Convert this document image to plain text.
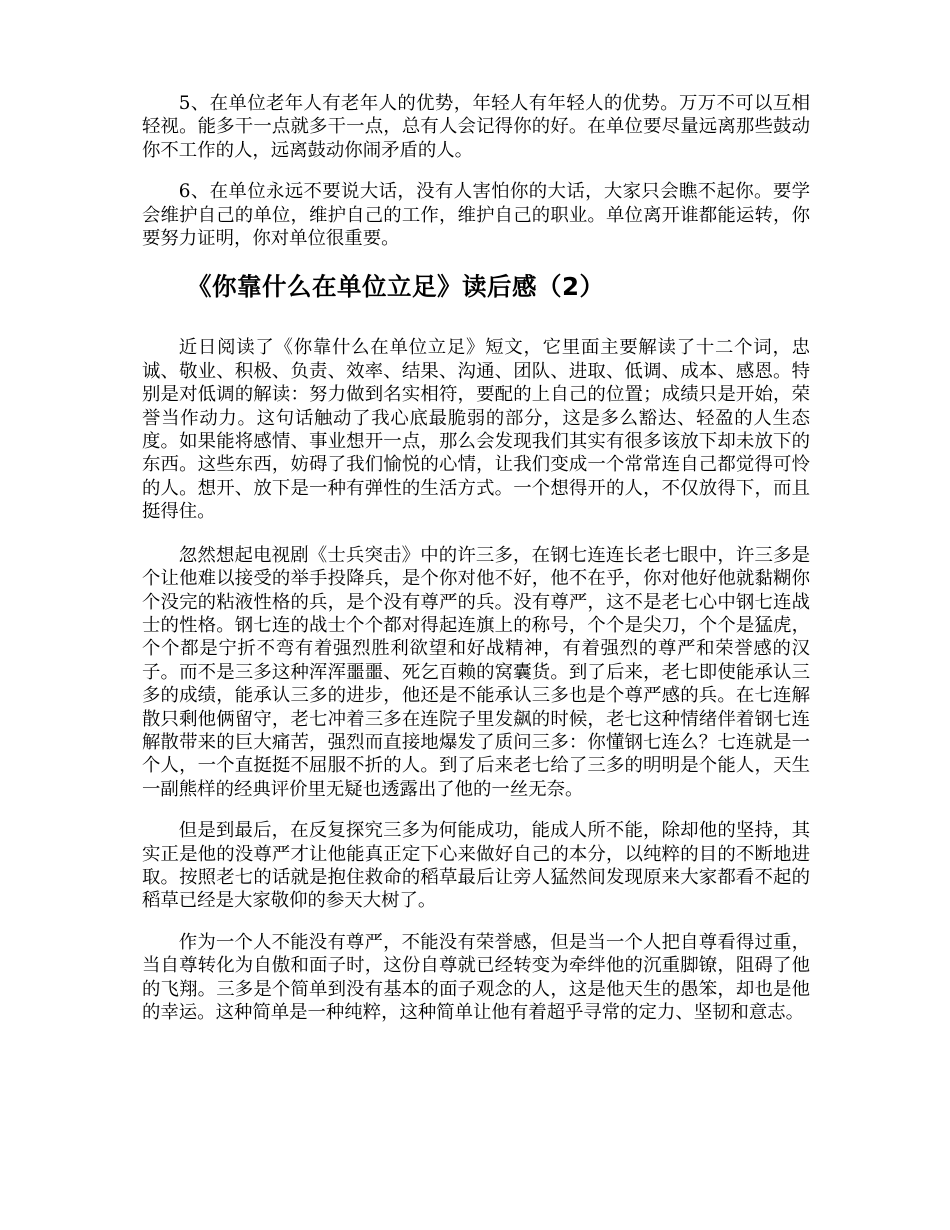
5、在单位老年人有老年人的优势，年轻人有年轻人的优势。万万不可以互相轻视。能多干一点就多干一点，总有人会记得你的好。在单位要尽量远离那些鼓动你不工作的人，远离鼓动你闹矛盾的人。

6、在单位永远不要说大话，没有人害怕你的大话，大家只会瞧不起你。要学会维护自己的单位，维护自己的工作，维护自己的职业。单位离开谁都能运转，你要努力证明，你对单位很重要。

《你靠什么在单位立足》读后感（2）

近日阅读了《你靠什么在单位立足》短文，它里面主要解读了十二个词，忠诚、敬业、积极、负责、效率、结果、沟通、团队、进取、低调、成本、感恩。特别是对低调的解读：努力做到名实相符，要配的上自己的位置；成绩只是开始，荣誉当作动力。这句话触动了我心底最脆弱的部分，这是多么豁达、轻盈的人生态度。如果能将感情、事业想开一点，那么会发现我们其实有很多该放下却未放下的东西。这些东西，妨碍了我们愉悦的心情，让我们变成一个常常连自己都觉得可怜的人。想开、放下是一种有弹性的生活方式。一个想得开的人，不仅放得下，而且挺得住。

忽然想起电视剧《士兵突击》中的许三多，在钢七连连长老七眼中，许三多是个让他难以接受的举手投降兵，是个你对他不好，他不在乎，你对他好他就黏糊你个没完的粘液性格的兵，是个没有尊严的兵。没有尊严，这不是老七心中钢七连战士的性格。钢七连的战士个个都对得起连旗上的称号，个个是尖刀，个个是猛虎，个个都是宁折不弯有着强烈胜利欲望和好战精神，有着强烈的尊严和荣誉感的汉子。而不是三多这种浑浑噩噩、死乞百赖的窝囊货。到了后来，老七即使能承认三多的成绩，能承认三多的进步，他还是不能承认三多也是个尊严感的兵。在七连解散只剩他俩留守，老七冲着三多在连院子里发飙的时候，老七这种情绪伴着钢七连解散带来的巨大痛苦，强烈而直接地爆发了质问三多：你懂钢七连么？七连就是一个人，一个直挺挺不屈服不折的人。到了后来老七给了三多的明明是个能人，天生一副熊样的经典评价里无疑也透露出了他的一丝无奈。

但是到最后，在反复探究三多为何能成功，能成人所不能，除却他的坚持，其实正是他的没尊严才让他能真正定下心来做好自己的本分，以纯粹的目的不断地进取。按照老七的话就是抱住救命的稻草最后让旁人猛然间发现原来大家都看不起的稻草已经是大家敬仰的参天大树了。

作为一个人不能没有尊严，不能没有荣誉感，但是当一个人把自尊看得过重，当自尊转化为自傲和面子时，这份自尊就已经转变为牵绊他的沉重脚镣，阻碍了他的飞翔。三多是个简单到没有基本的面子观念的人，这是他天生的愚笨，却也是他的幸运。这种简单是一种纯粹，这种简单让他有着超乎寻常的定力、坚韧和意志。
